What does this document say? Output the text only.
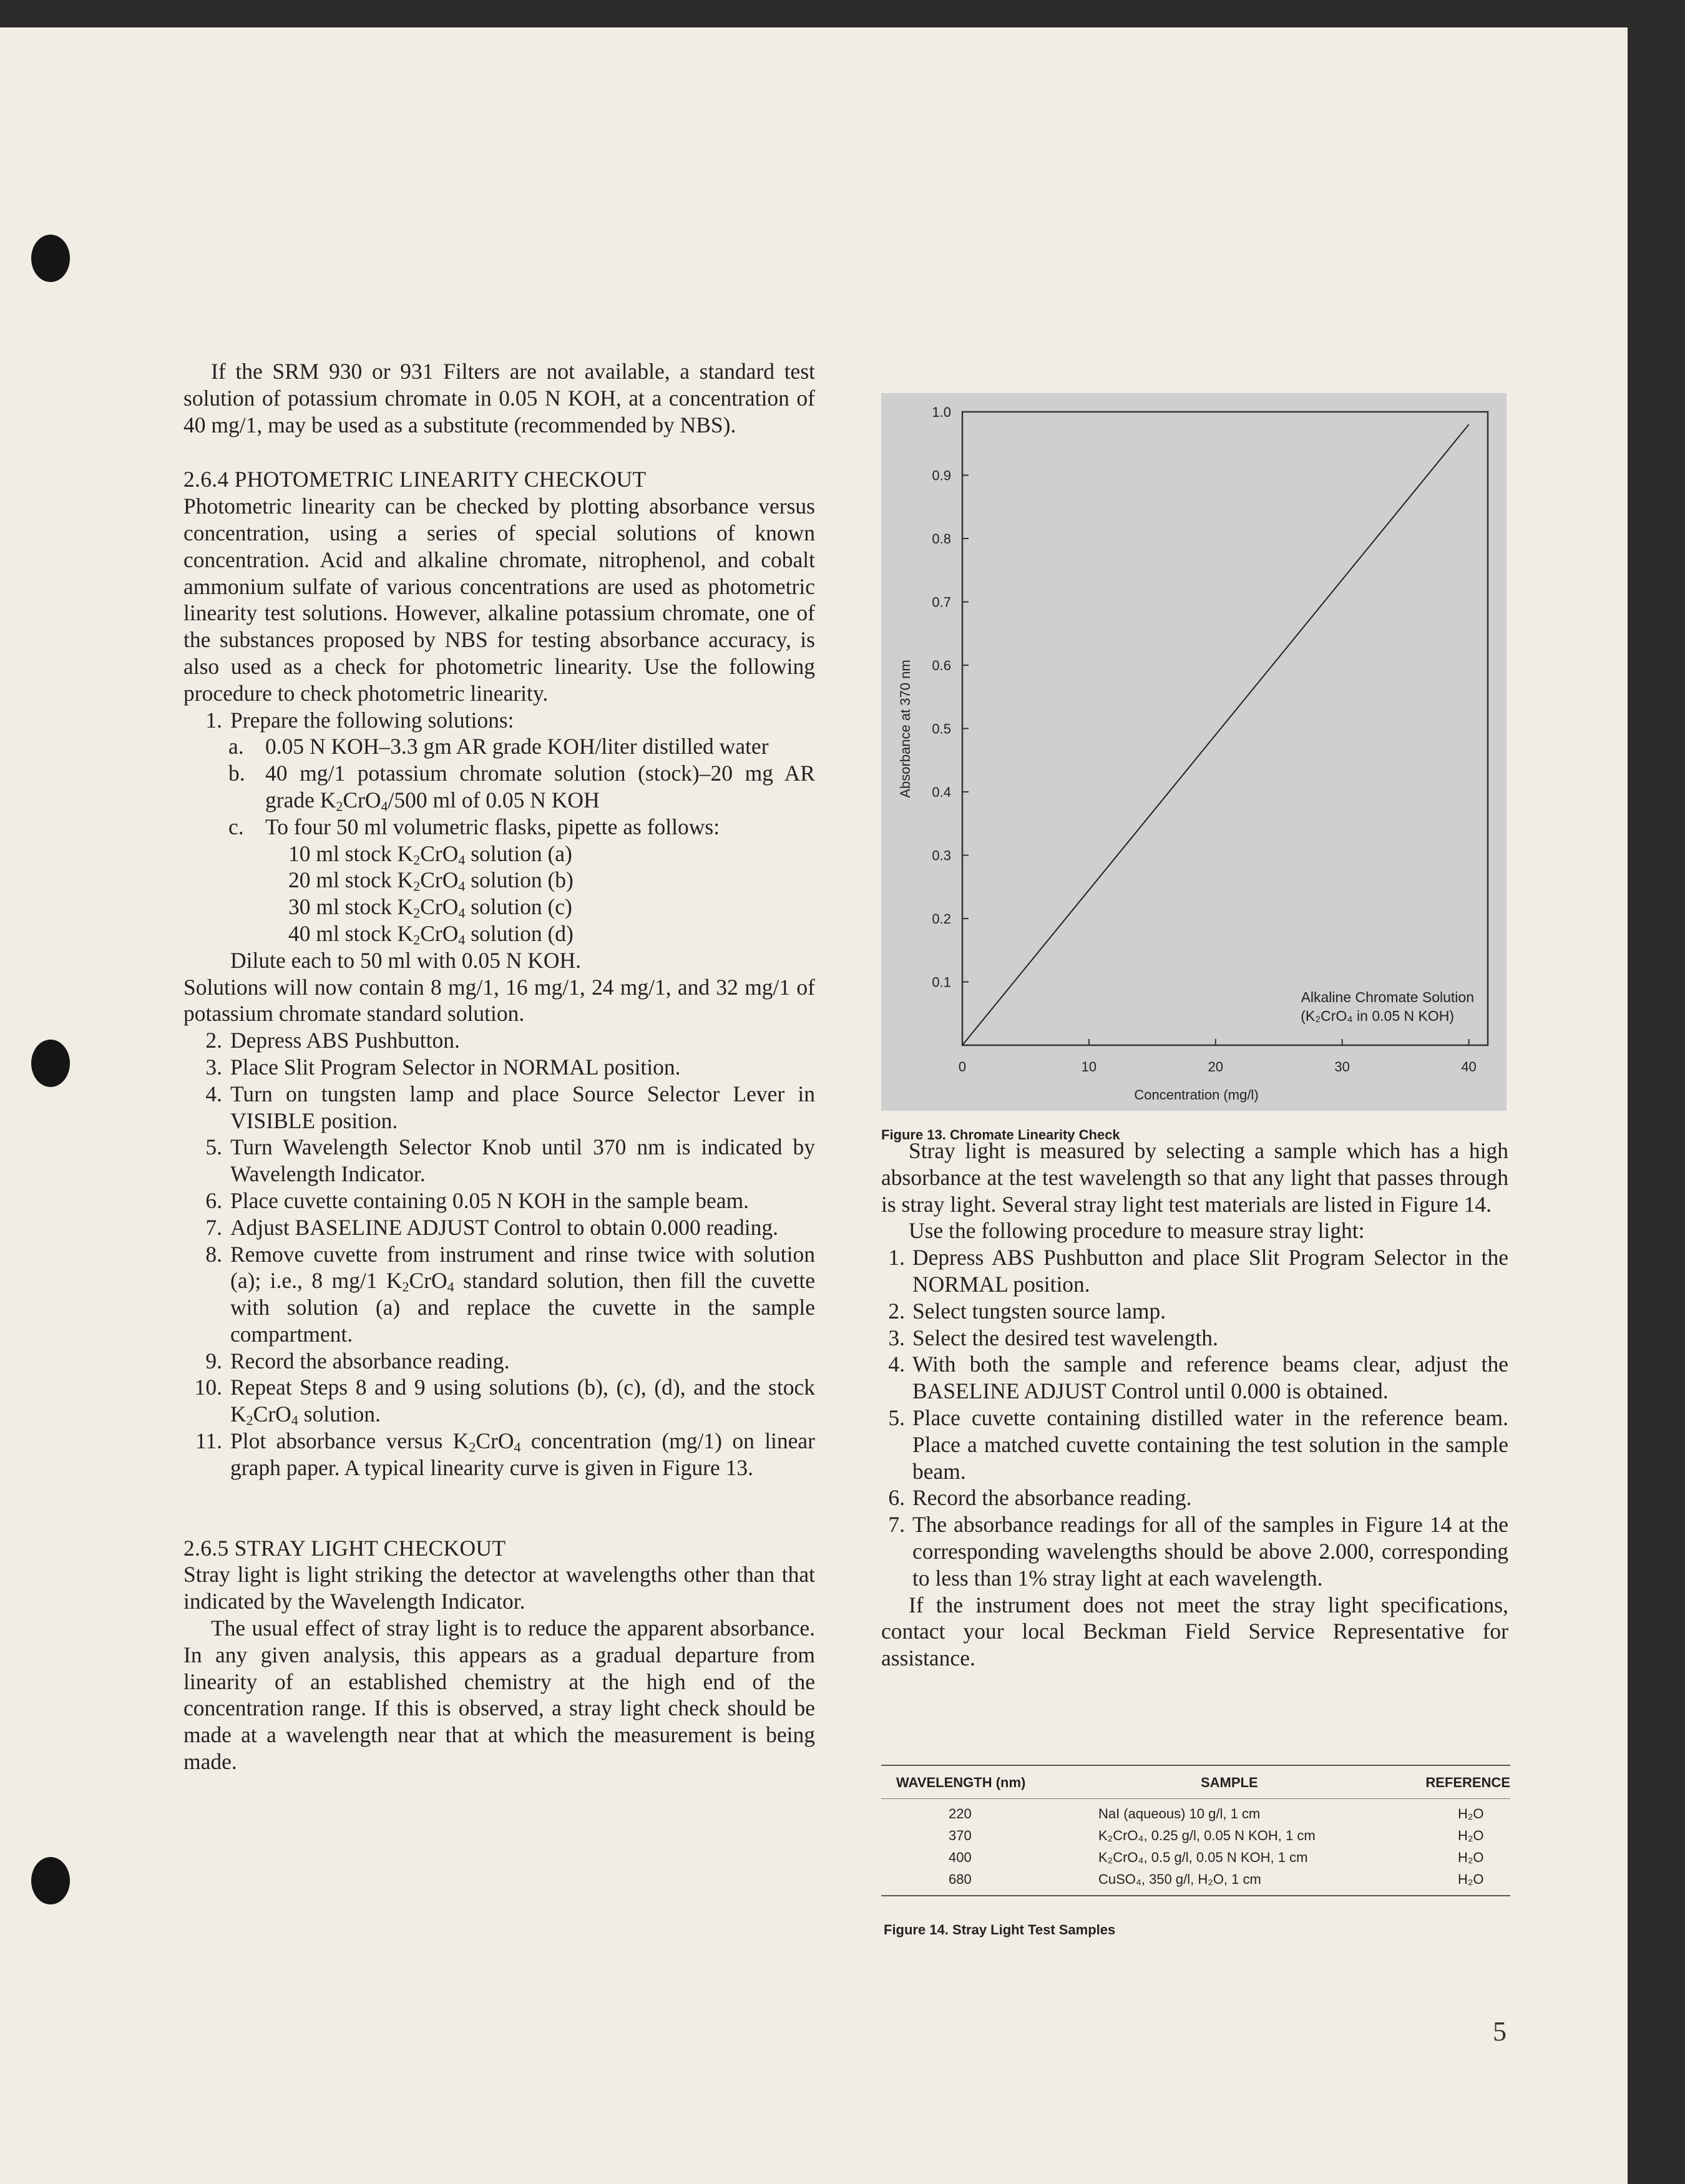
If the SRM 930 or 931 Filters are not available, a standard test solution of potassium chromate in 0.05 N KOH, at a concentration of 40 mg/1, may be used as a substitute (recommended by NBS).

2.6.4 PHOTOMETRIC LINEARITY CHECKOUT

Photometric linearity can be checked by plotting absorbance versus concentration, using a series of special solutions of known concentration. Acid and alkaline chromate, nitrophenol, and cobalt ammonium sulfate of various concentrations are used as photometric linearity test solutions. However, alkaline potassium chromate, one of the substances proposed by NBS for testing absorbance accuracy, is also used as a check for photometric linearity. Use the following procedure to check photometric linearity.

1. Prepare the following solutions:
a. 0.05 N KOH–3.3 gm AR grade KOH/liter distilled water
b. 40 mg/1 potassium chromate solution (stock)–20 mg AR grade $K_2CrO_4/500$ ml of 0.05 N KOH
c. To four 50 ml volumetric flasks, pipette as follows:
10 ml stock $K_2CrO_4$ solution (a)
20 ml stock $K_2CrO_4$ solution (b)
30 ml stock $K_2CrO_4$ solution (c)
40 ml stock $K_2CrO_4$ solution (d)
Dilute each to 50 ml with 0.05 N KOH.

Solutions will now contain 8 mg/1, 16 mg/1, 24 mg/1, and 32 mg/1 of potassium chromate standard solution.

2. Depress ABS Pushbutton.
3. Place Slit Program Selector in NORMAL position.
4. Turn on tungsten lamp and place Source Selector Lever in VISIBLE position.
5. Turn Wavelength Selector Knob until 370 nm is indicated by Wavelength Indicator.
6. Place cuvette containing 0.05 N KOH in the sample beam.
7. Adjust BASELINE ADJUST Control to obtain 0.000 reading.
8. Remove cuvette from instrument and rinse twice with solution (a); i.e., 8 mg/1 $K_2CrO_4$ standard solution, then fill the cuvette with solution (a) and replace the cuvette in the sample compartment.
9. Record the absorbance reading.
10. Repeat Steps 8 and 9 using solutions (b), (c), (d), and the stock $K_2CrO_4$ solution.
11. Plot absorbance versus $K_2CrO_4$ concentration (mg/1) on linear graph paper. A typical linearity curve is given in Figure 13.
2.6.5 STRAY LIGHT CHECKOUT

Stray light is light striking the detector at wavelengths other than that indicated by the Wavelength Indicator.

The usual effect of stray light is to reduce the apparent absorbance. In any given analysis, this appears as a gradual departure from linearity of an established chemistry at the high end of the concentration range. If this is observed, a stray light check should be made at a wavelength near that at which the measurement is being made.

0.1
0.2
0.3
0.4
0.5
0.6
0.7
0.8
0.9
1.0
0	10	20	30	40
Absorbance at 370 nm
Concentration (mg/l)
Alkaline Chromate Solution
(K₂CrO₄ in 0.05 N KOH)
Figure 13. Chromate Linearity Check

Stray light is measured by selecting a sample which has a high absorbance at the test wavelength so that any light that passes through is stray light. Several stray light test materials are listed in Figure 14.

Use the following procedure to measure stray light:

1. Depress ABS Pushbutton and place Slit Program Selector in the NORMAL position.
2. Select tungsten source lamp.
3. Select the desired test wavelength.
4. With both the sample and reference beams clear, adjust the BASELINE ADJUST Control until 0.000 is obtained.
5. Place cuvette containing distilled water in the reference beam. Place a matched cuvette containing the test solution in the sample beam.
6. Record the absorbance reading.
7. The absorbance readings for all of the samples in Figure 14 at the corresponding wavelengths should be above 2.000, corresponding to less than 1% stray light at each wavelength.

If the instrument does not meet the stray light specifications, contact your local Beckman Field Service Representative for assistance.

WAVELENGTH (nm)	SAMPLE	REFERENCE
220	NaI (aqueous) 10 g/l, 1 cm	H₂O
370	K₂CrO₄, 0.25 g/l, 0.05 N KOH, 1 cm	H₂O
400	K₂CrO₄, 0.5 g/l, 0.05 N KOH, 1 cm	H₂O
680	CuSO₄, 350 g/l, H₂O, 1 cm	H₂O
Figure 14. Stray Light Test Samples
5
